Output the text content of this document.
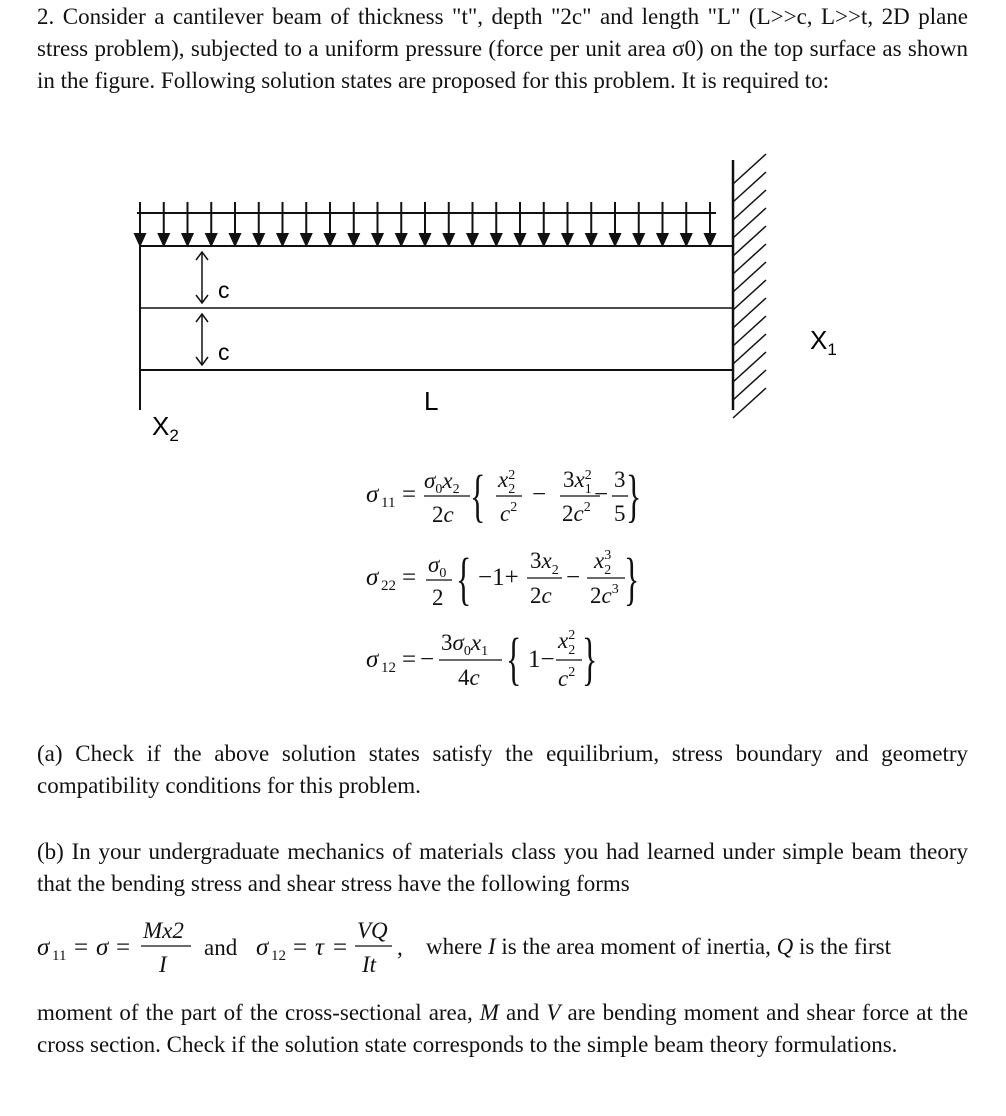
2. Consider a cantilever beam of thickness "t", depth "2c" and length "L" (L>>c, L>>t, 2D plane stress problem), subjected to a uniform pressure (force per unit area σ0) on the top surface as shown in the figure. Following solution states are proposed for this problem. It is required to:
c
c
L
$X_1$
$X_2$
σ 11 =
$\sigma_0x_2$
2c { $x_22$
$c^2$ −
$3x_12$
$2c^2$ −
3
5 }
σ $22 = \sigma_0$
2 { −1+
$3x_2$
2c
−
$x_23$
$2c^3$ }
σ 12 = −
$3\sigma_0x_1$
4c { 1−
$x_22$
$c^2$ }
σ 11 = σ =
Mx2
I
and σ 12 = τ =
VQ
It
,
(a) Check if the above solution states satisfy the equilibrium, stress boundary and geometry compatibility conditions for this problem.
(b) In your undergraduate mechanics of materials class you had learned under simple beam theory that the bending stress and shear stress have the following forms
where I is the area moment of inertia, Q is the first
moment of the part of the cross-sectional area, M and V are bending moment and shear force at the cross section. Check if the solution state corresponds to the simple beam theory formulations.
